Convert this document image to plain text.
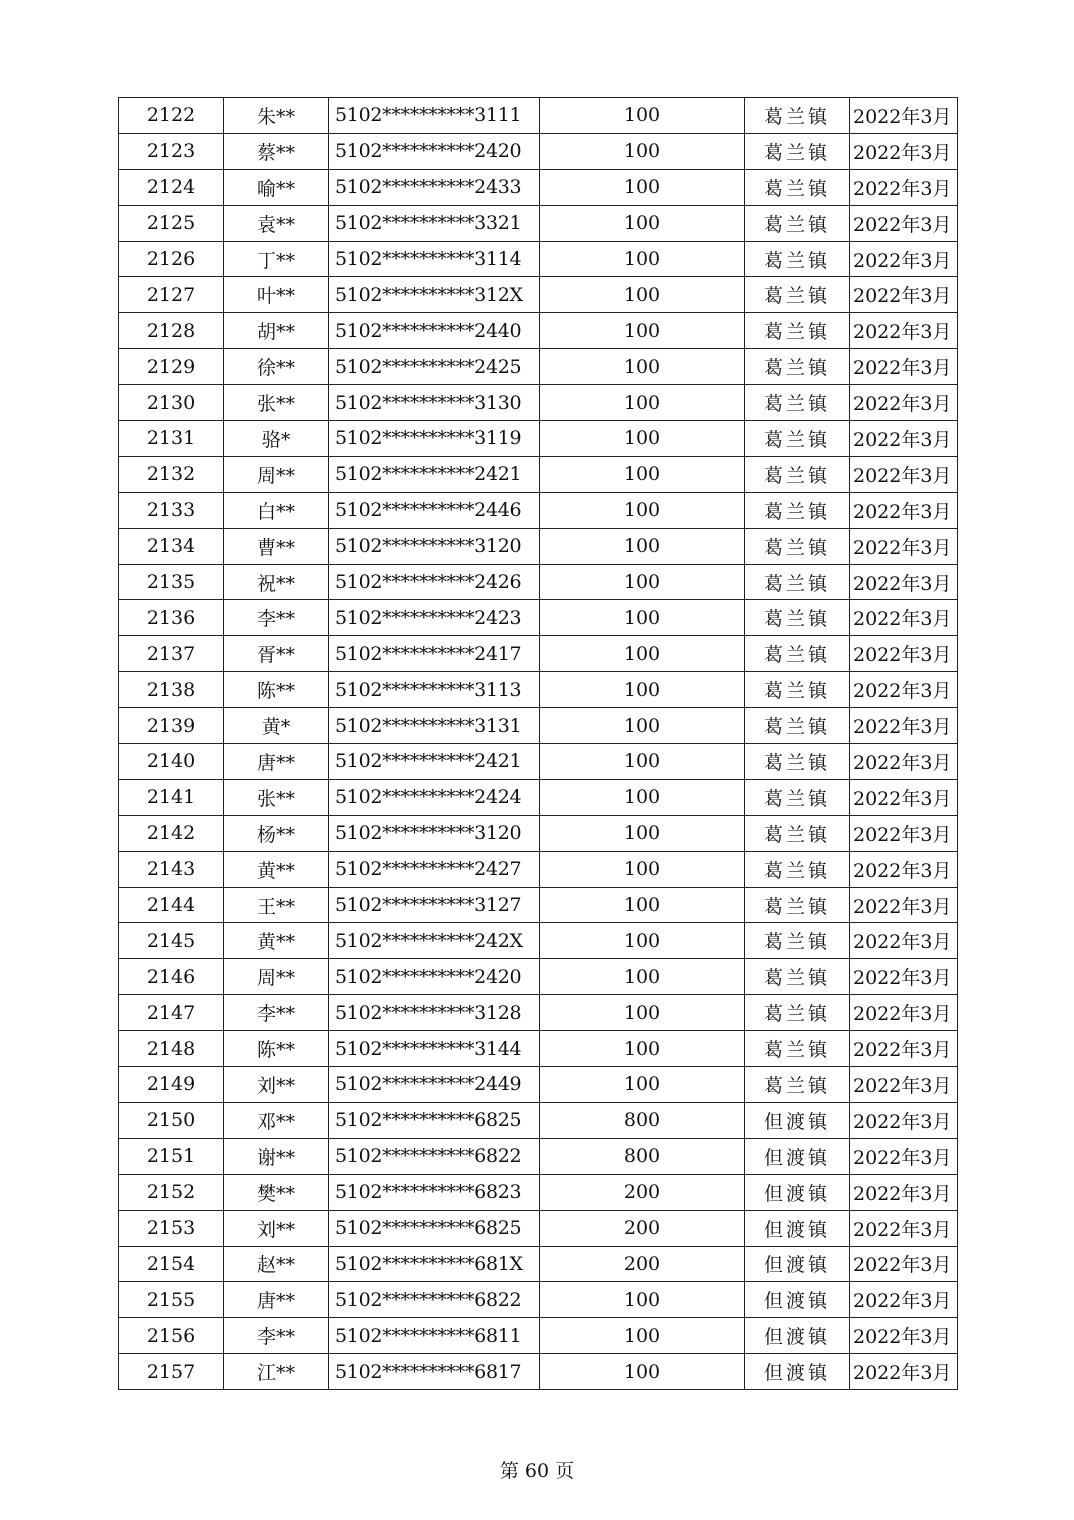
2122	朱**	5102**********3111	100	葛兰镇	2022年3月
2123	蔡**	5102**********2420	100	葛兰镇	2022年3月
2124	喻**	5102**********2433	100	葛兰镇	2022年3月
2125	袁**	5102**********3321	100	葛兰镇	2022年3月
2126	丁**	5102**********3114	100	葛兰镇	2022年3月
2127	叶**	5102**********312X	100	葛兰镇	2022年3月
2128	胡**	5102**********2440	100	葛兰镇	2022年3月
2129	徐**	5102**********2425	100	葛兰镇	2022年3月
2130	张**	5102**********3130	100	葛兰镇	2022年3月
2131	骆*	5102**********3119	100	葛兰镇	2022年3月
2132	周**	5102**********2421	100	葛兰镇	2022年3月
2133	白**	5102**********2446	100	葛兰镇	2022年3月
2134	曹**	5102**********3120	100	葛兰镇	2022年3月
2135	祝**	5102**********2426	100	葛兰镇	2022年3月
2136	李**	5102**********2423	100	葛兰镇	2022年3月
2137	胥**	5102**********2417	100	葛兰镇	2022年3月
2138	陈**	5102**********3113	100	葛兰镇	2022年3月
2139	黄*	5102**********3131	100	葛兰镇	2022年3月
2140	唐**	5102**********2421	100	葛兰镇	2022年3月
2141	张**	5102**********2424	100	葛兰镇	2022年3月
2142	杨**	5102**********3120	100	葛兰镇	2022年3月
2143	黄**	5102**********2427	100	葛兰镇	2022年3月
2144	王**	5102**********3127	100	葛兰镇	2022年3月
2145	黄**	5102**********242X	100	葛兰镇	2022年3月
2146	周**	5102**********2420	100	葛兰镇	2022年3月
2147	李**	5102**********3128	100	葛兰镇	2022年3月
2148	陈**	5102**********3144	100	葛兰镇	2022年3月
2149	刘**	5102**********2449	100	葛兰镇	2022年3月
2150	邓**	5102**********6825	800	但渡镇	2022年3月
2151	谢**	5102**********6822	800	但渡镇	2022年3月
2152	樊**	5102**********6823	200	但渡镇	2022年3月
2153	刘**	5102**********6825	200	但渡镇	2022年3月
2154	赵**	5102**********681X	200	但渡镇	2022年3月
2155	唐**	5102**********6822	100	但渡镇	2022年3月
2156	李**	5102**********6811	100	但渡镇	2022年3月
2157	江**	5102**********6817	100	但渡镇	2022年3月
第 60 页
